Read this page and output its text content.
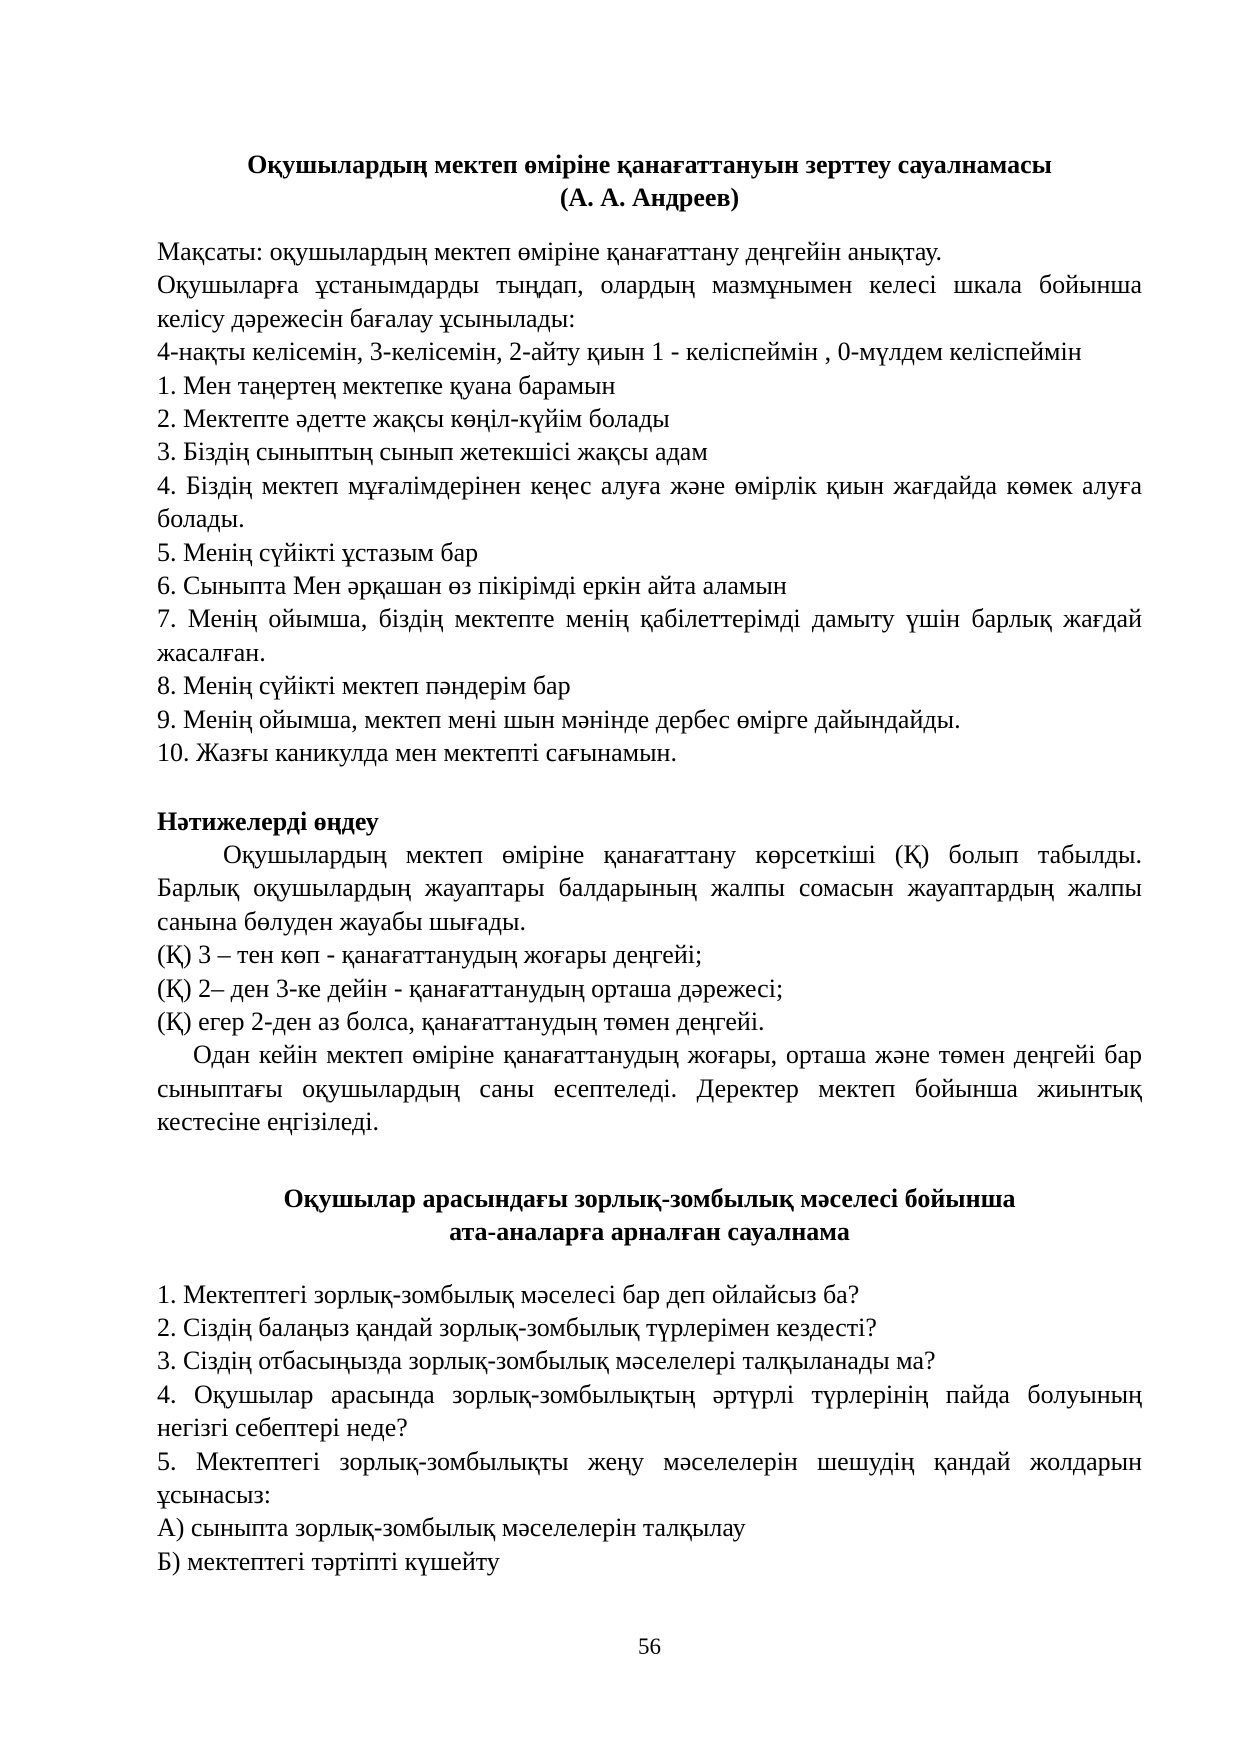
Оқушылардың мектеп өміріне қанағаттануын зерттеу сауалнамасы
(А. А. Андреев)

Мақсаты: оқушылардың мектеп өміріне қанағаттану деңгейін анықтау.

Оқушыларға ұстанымдарды тыңдап, олардың мазмұнымен келесі шкала бойынша келісу дәрежесін бағалау ұсынылады:

4-нақты келісемін, 3-келісемін, 2-айту қиын 1 - келіспеймін , 0-мүлдем келіспеймін

1. Мен таңертең мектепке қуана барамын

2. Мектепте әдетте жақсы көңіл-күйім болады

3. Біздің сыныптың сынып жетекшісі жақсы адам

4. Біздің мектеп мұғалімдерінен кеңес алуға және өмірлік қиын жағдайда көмек алуға болады.

5. Менің сүйікті ұстазым бар

6. Сыныпта Мен әрқашан өз пікірімді еркін айта аламын

7. Менің ойымша, біздің мектепте менің қабілеттерімді дамыту үшін барлық жағдай жасалған.

8. Менің сүйікті мектеп пәндерім бар

9. Менің ойымша, мектеп мені шын мәнінде дербес өмірге дайындайды.

10. Жазғы каникулда мен мектепті сағынамын.

Нәтижелерді өңдеу

Оқушылардың мектеп өміріне қанағаттану көрсеткіші (Қ) болып табылды. Барлық оқушылардың жауаптары балдарының жалпы сомасын жауаптардың жалпы санына бөлуден жауабы шығады.

(Қ) 3 – тен көп - қанағаттанудың жоғары деңгейі;

(Қ) 2– ден 3-ке дейін - қанағаттанудың орташа дәрежесі;

(Қ) егер 2-ден аз болса, қанағаттанудың төмен деңгейі.

Одан кейін мектеп өміріне қанағаттанудың жоғары, орташа және төмен деңгейі бар сыныптағы оқушылардың саны есептеледі. Деректер мектеп бойынша жиынтық кестесіне еңгізіледі.

Оқушылар арасындағы зорлық-зомбылық мәселесі бойынша
ата-аналарға арналған сауалнама

1. Мектептегі зорлық-зомбылық мәселесі бар деп ойлайсыз ба?

2. Сіздің балаңыз қандай зорлық-зомбылық түрлерімен кездесті?

3. Сіздің отбасыңызда зорлық-зомбылық мәселелері талқыланады ма?

4. Оқушылар арасында зорлық-зомбылықтың әртүрлі түрлерінің пайда болуының негізгі себептері неде?

5. Мектептегі зорлық-зомбылықты жеңу мәселелерін шешудің қандай жолдарын ұсынасыз:

А) сыныпта зорлық-зомбылық мәселелерін талқылау

Б) мектептегі тәртіпті күшейту

56
